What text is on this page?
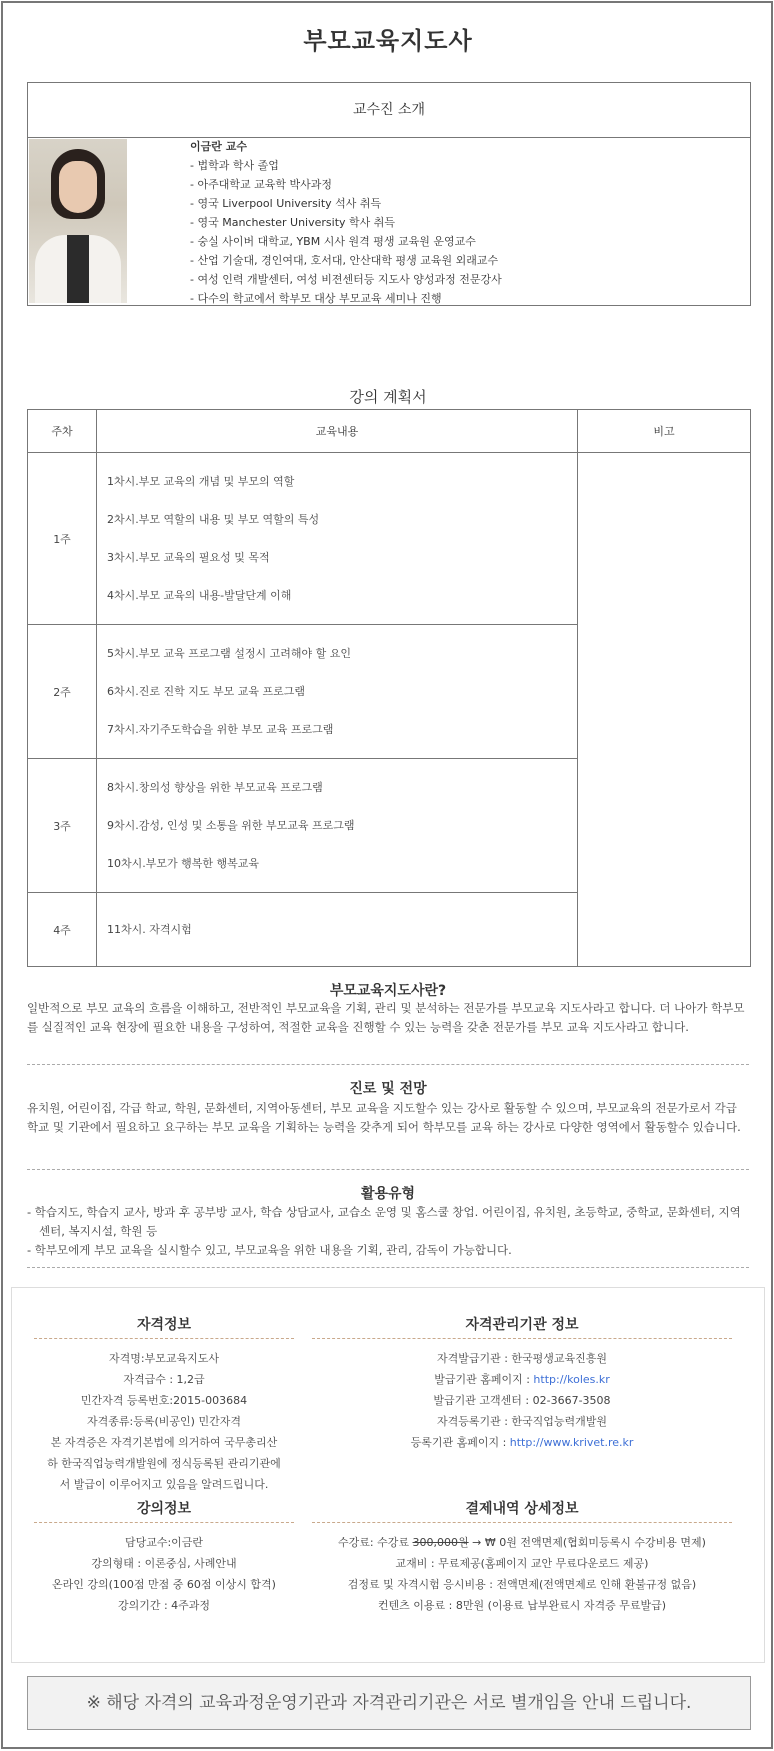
부모교육지도사
교수진 소개
이금란 교수
- 법학과 학사 졸업
- 아주대학교 교육학 박사과정
- 영국 Liverpool University 석사 취득
- 영국 Manchester University 학사 취득
- 숭실 사이버 대학교, YBM 시사 원격 평생 교육원 운영교수
- 산업 기술대, 경인여대, 호서대, 안산대학 평생 교육원 외래교수
- 여성 인력 개발센터, 여성 비젼센터등 지도사 양성과정 전문강사
- 다수의 학교에서 학부모 대상 부모교육 세미나 진행
강의 계획서
주차	교육내용	비고
1주	1차시.부모 교육의 개념 및 부모의 역할
2차시.부모 역할의 내용 및 부모 역할의 특성
3차시.부모 교육의 필요성 및 목적
4차시.부모 교육의 내용-발달단계 이해	

2주	5차시.부모 교육 프로그램 설정시 고려해야 할 요인
6차시.진로 진학 지도 부모 교육 프로그램
7차시.자기주도학습을 위한 부모 교육 프로그램	

3주	8차시.창의성 향상을 위한 부모교육 프로그램
9차시.감성, 인성 및 소통을 위한 부모교육 프로그램
10차시.부모가 행복한 행복교육	

4주	11차시. 자격시험	
부모교육지도사란?
일반적으로 부모 교육의 흐름을 이해하고, 전반적인 부모교육을 기획, 관리 및 분석하는 전문가를 부모교육 지도사라고 합니다. 더 나아가 학부모를 실질적인 교육 현장에 필요한 내용을 구성하여, 적절한 교육을 진행할 수 있는 능력을 갖춘 전문가를 부모 교육 지도사라고 합니다.
진로 및 전망
유치원, 어린이집, 각급 학교, 학원, 문화센터, 지역아동센터, 부모 교육을 지도할수 있는 강사로 활동할 수 있으며, 부모교육의 전문가로서 각급 학교 및 기관에서 필요하고 요구하는 부모 교육을 기획하는 능력을 갖추게 되어 학부모를 교육 하는 강사로 다양한 영역에서 활동할수 있습니다.
활용유형
- 학습지도, 학습지 교사, 방과 후 공부방 교사, 학습 상담교사, 교습소 운영 및 홈스쿨 창업. 어린이집, 유치원, 초등학교, 중학교, 문화센터, 지역 센터, 복지시설, 학원 등
- 학부모에게 부모 교육을 실시할수 있고, 부모교육을 위한 내용을 기획, 관리, 감독이 가능합니다.
자격정보
자격명:부모교육지도사
자격급수 : 1,2급
민간자격 등록번호:2015-003684
자격종류:등록(비공인) 민간자격
본 자격증은 자격기본법에 의거하여 국무총리산
하 한국직업능력개발원에 정식등록된 관리기관에
서 발급이 이루어지고 있음을 알려드립니다.
자격관리기관 정보
자격발급기관 : 한국평생교육진흥원
발급기관 홈페이지 : http://koles.kr
발급기관 고객센터 : 02-3667-3508
자격등록기관 : 한국직업능력개발원
등록기관 홈페이지 : http://www.krivet.re.kr
강의정보
담당교수:이금란
강의형태 : 이론중심, 사례안내
온라인 강의(100점 만점 중 60점 이상시 합격)
강의기간 : 4주과정
결제내역 상세정보
수강료: 수강료 300,000원 → ₩ 0원 전액면제(협회미등록시 수강비용 면제)
교재비 : 무료제공(홈페이지 교안 무료다운로드 제공)
검정료 및 자격시험 응시비용 : 전액면제(전액면제로 인해 환불규정 없음)
컨텐츠 이용료 : 8만원 (이용료 납부완료시 자격증 무료발급)
※ 해당 자격의 교육과정운영기관과 자격관리기관은 서로 별개임을 안내 드립니다.
